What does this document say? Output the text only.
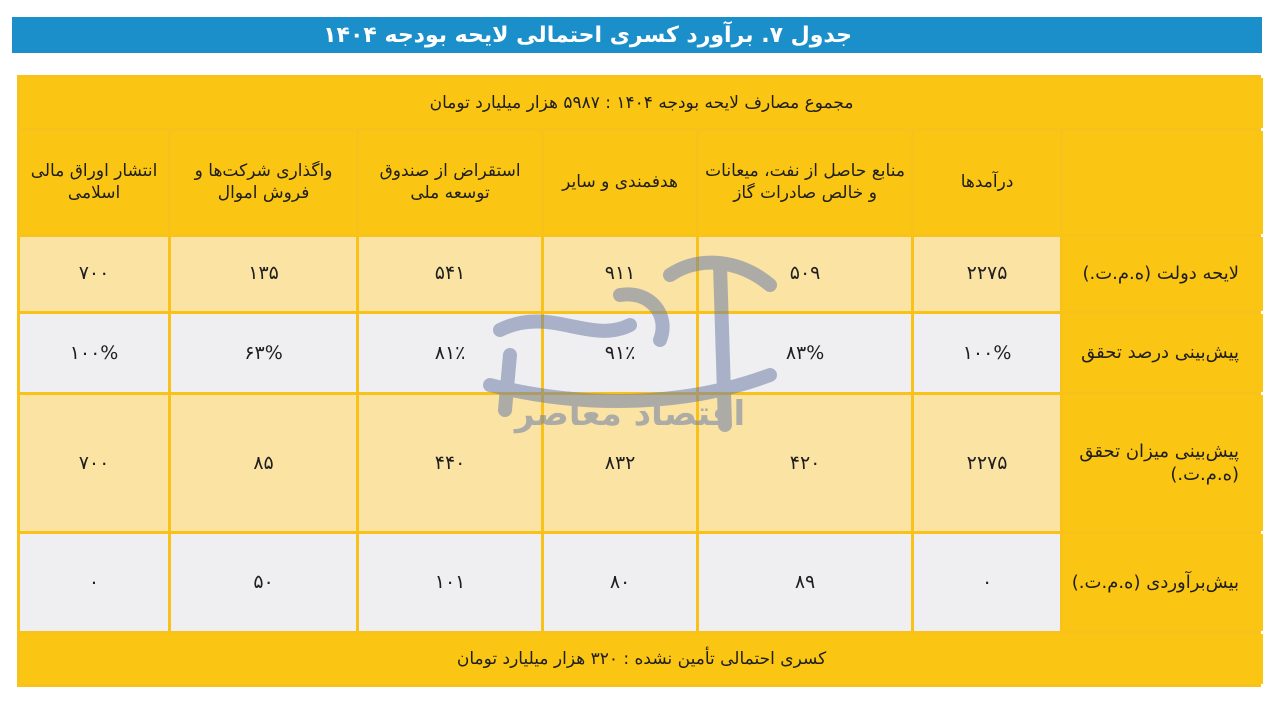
جدول ۷. برآورد کسری احتمالی لایحه بودجه ۱۴۰۴
مجموع مصارف لایحه بودجه ۱۴۰۴ : ۵۹۸۷ هزار میلیارد تومان						
	درآمدها	منابع حاصل از نفت، میعانات و خالص صادرات گاز	هدفمندی و سایر	استقراض از صندوق توسعه ملی	واگذاری شرکت‌ها و فروش اموال	انتشار اوراق مالی اسلامی
لایحه دولت (ه.م.ت.)	۲۲۷۵	۵۰۹	۹۱۱	۵۴۱	۱۳۵	۷۰۰
پیش‌بینی درصد تحقق	۱۰۰%	۸۳%	۹۱٪	۸۱٪	۶۳%	۱۰۰%
پیش‌بینی میزان تحقق (ه.م.ت.)	۲۲۷۵	۴۲۰	۸۳۲	۴۴۰	۸۵	۷۰۰
بیش‌برآوردی (ه.م.ت.)	۰	۸۹	۸۰	۱۰۱	۵۰	۰
کسری احتمالی تأمین نشده : ۳۲۰ هزار میلیارد تومان						
اقتصاد معاصر
